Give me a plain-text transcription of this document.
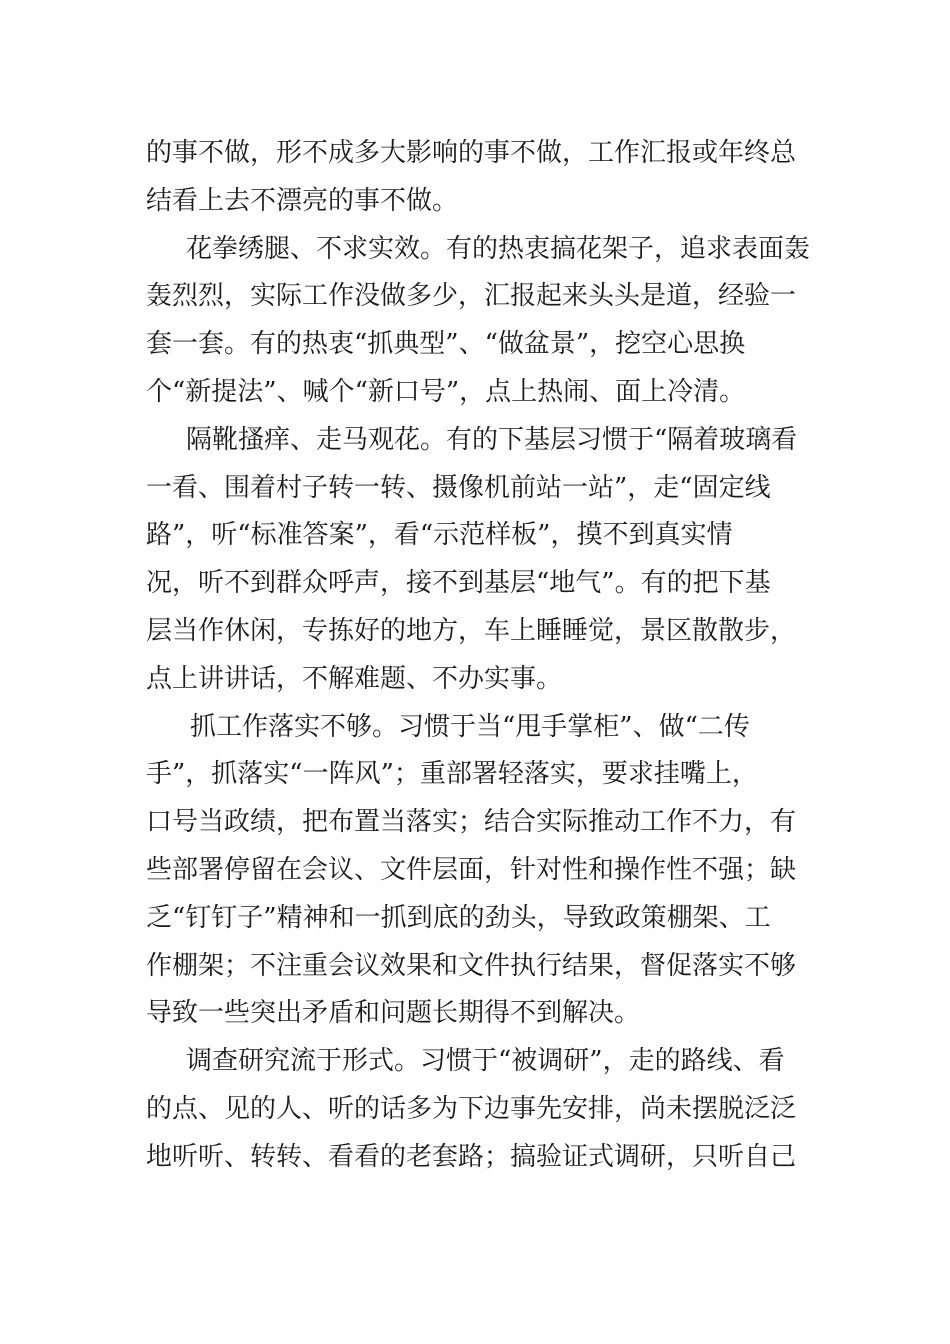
的事不做，形不成多大影响的事不做，工作汇报或年终总
结看上去不漂亮的事不做。
花拳绣腿、不求实效。有的热衷搞花架子，追求表面轰
轰烈烈，实际工作没做多少，汇报起来头头是道，经验一
套一套。有的热衷“抓典型”、“做盆景”，挖空心思换
个“新提法”、喊个“新口号”，点上热闹、面上冷清。
隔靴搔痒、走马观花。有的下基层习惯于“隔着玻璃看
一看、围着村子转一转、摄像机前站一站”，走“固定线
路”，听“标准答案”，看“示范样板”，摸不到真实情
况，听不到群众呼声，接不到基层“地气”。有的把下基
层当作休闲，专拣好的地方，车上睡睡觉，景区散散步，
点上讲讲话，不解难题、不办实事。
抓工作落实不够。习惯于当“甩手掌柜”、做“二传
手”，抓落实“一阵风”；重部署轻落实，要求挂嘴上，
口号当政绩，把布置当落实；结合实际推动工作不力，有
些部署停留在会议、文件层面，针对性和操作性不强；缺
乏“钉钉子”精神和一抓到底的劲头，导致政策棚架、工
作棚架；不注重会议效果和文件执行结果，督促落实不够
导致一些突出矛盾和问题长期得不到解决。
调查研究流于形式。习惯于“被调研”，走的路线、看
的点、见的人、听的话多为下边事先安排，尚未摆脱泛泛
地听听、转转、看看的老套路；搞验证式调研，只听自己
